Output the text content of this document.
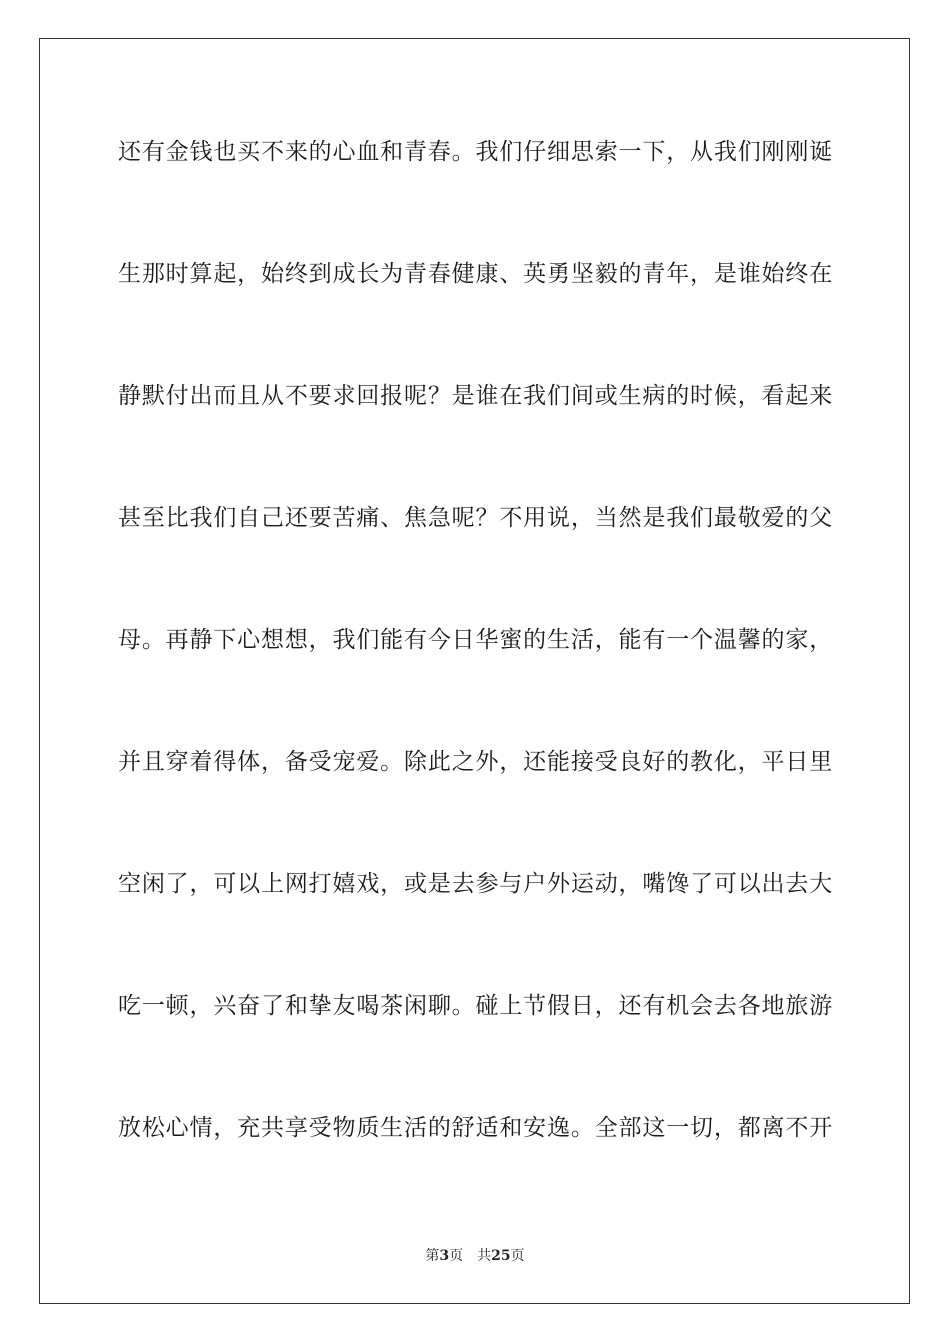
还有金钱也买不来的心血和青春。我们仔细思索一下，从我们刚刚诞
生那时算起，始终到成长为青春健康、英勇坚毅的青年，是谁始终在
静默付出而且从不要求回报呢？是谁在我们间或生病的时候，看起来
甚至比我们自己还要苦痛、焦急呢？不用说，当然是我们最敬爱的父
母。再静下心想想，我们能有今日华蜜的生活，能有一个温馨的家，
并且穿着得体，备受宠爱。除此之外，还能接受良好的教化，平日里
空闲了，可以上网打嬉戏，或是去参与户外运动，嘴馋了可以出去大
吃一顿，兴奋了和挚友喝茶闲聊。碰上节假日，还有机会去各地旅游
放松心情，充共享受物质生活的舒适和安逸。全部这一切，都离不开
第3页 共25页
